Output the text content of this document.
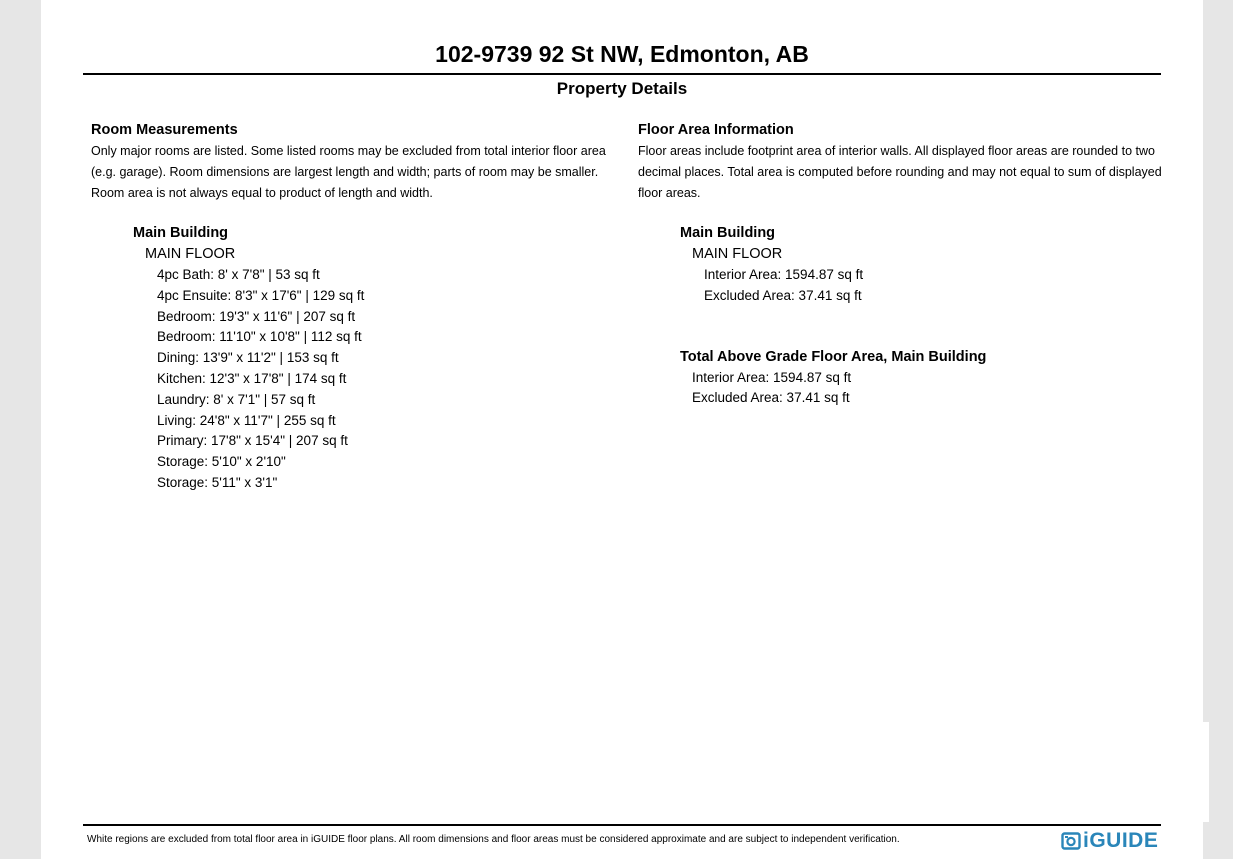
102-9739 92 St NW, Edmonton, AB
Property Details
Room Measurements
Only major rooms are listed. Some listed rooms may be excluded from total interior floor area (e.g. garage). Room dimensions are largest length and width; parts of room may be smaller. Room area is not always equal to product of length and width.
Main Building
MAIN FLOOR
4pc Bath: 8' x 7'8" | 53 sq ft
4pc Ensuite: 8'3" x 17'6" | 129 sq ft
Bedroom: 19'3" x 11'6" | 207 sq ft
Bedroom: 11'10" x 10'8" | 112 sq ft
Dining: 13'9" x 11'2" | 153 sq ft
Kitchen: 12'3" x 17'8" | 174 sq ft
Laundry: 8' x 7'1" | 57 sq ft
Living: 24'8" x 11'7" | 255 sq ft
Primary: 17'8" x 15'4" | 207 sq ft
Storage: 5'10" x 2'10"
Storage: 5'11" x 3'1"
Floor Area Information
Floor areas include footprint area of interior walls. All displayed floor areas are rounded to two decimal places. Total area is computed before rounding and may not equal to sum of displayed floor areas.
Main Building
MAIN FLOOR
Interior Area: 1594.87 sq ft
Excluded Area: 37.41 sq ft
Total Above Grade Floor Area, Main Building
Interior Area: 1594.87 sq ft
Excluded Area: 37.41 sq ft
White regions are excluded from total floor area in iGUIDE floor plans. All room dimensions and floor areas must be considered approximate and are subject to independent verification.	iGUIDE
